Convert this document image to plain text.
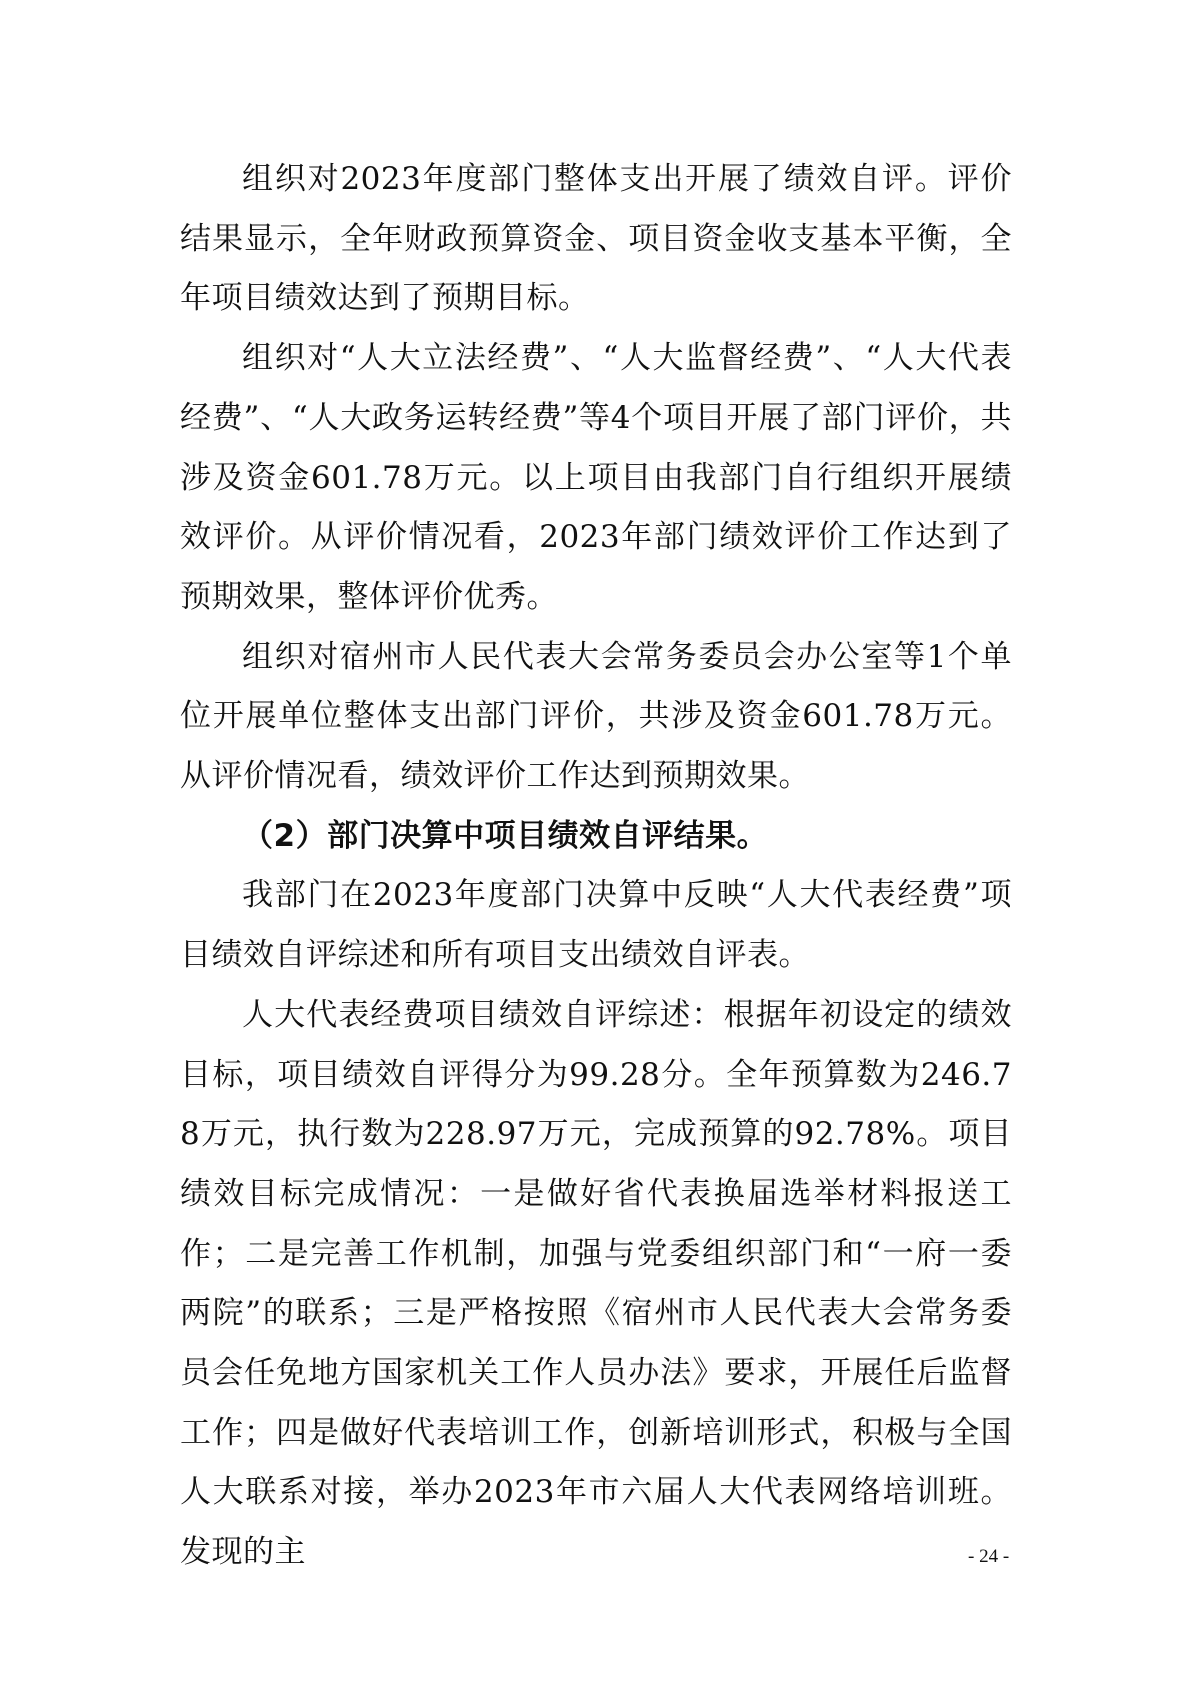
组织对2023年度部门整体支出开展了绩效自评。评价结果显示，全年财政预算资金、项目资金收支基本平衡，全年项目绩效达到了预期目标。

组织对“人大立法经费”、“人大监督经费”、“人大代表经费”、“人大政务运转经费”等4个项目开展了部门评价，共涉及资金601.78万元。以上项目由我部门自行组织开展绩效评价。从评价情况看，2023年部门绩效评价工作达到了预期效果，整体评价优秀。

组织对宿州市人民代表大会常务委员会办公室等1个单位开展单位整体支出部门评价，共涉及资金601.78万元。从评价情况看，绩效评价工作达到预期效果。

（2）部门决算中项目绩效自评结果。

我部门在2023年度部门决算中反映“人大代表经费”项目绩效自评综述和所有项目支出绩效自评表。

人大代表经费项目绩效自评综述：根据年初设定的绩效目标，项目绩效自评得分为99.28分。全年预算数为246.78万元，执行数为228.97万元，完成预算的92.78%。项目绩效目标完成情况：一是做好省代表换届选举材料报送工作；二是完善工作机制，加强与党委组织部门和“一府一委两院”的联系；三是严格按照《宿州市人民代表大会常务委员会任免地方国家机关工作人员办法》要求，开展任后监督工作；四是做好代表培训工作，创新培训形式，积极与全国人大联系对接，举办2023年市六届人大代表网络培训班。发现的主	- 24 -
